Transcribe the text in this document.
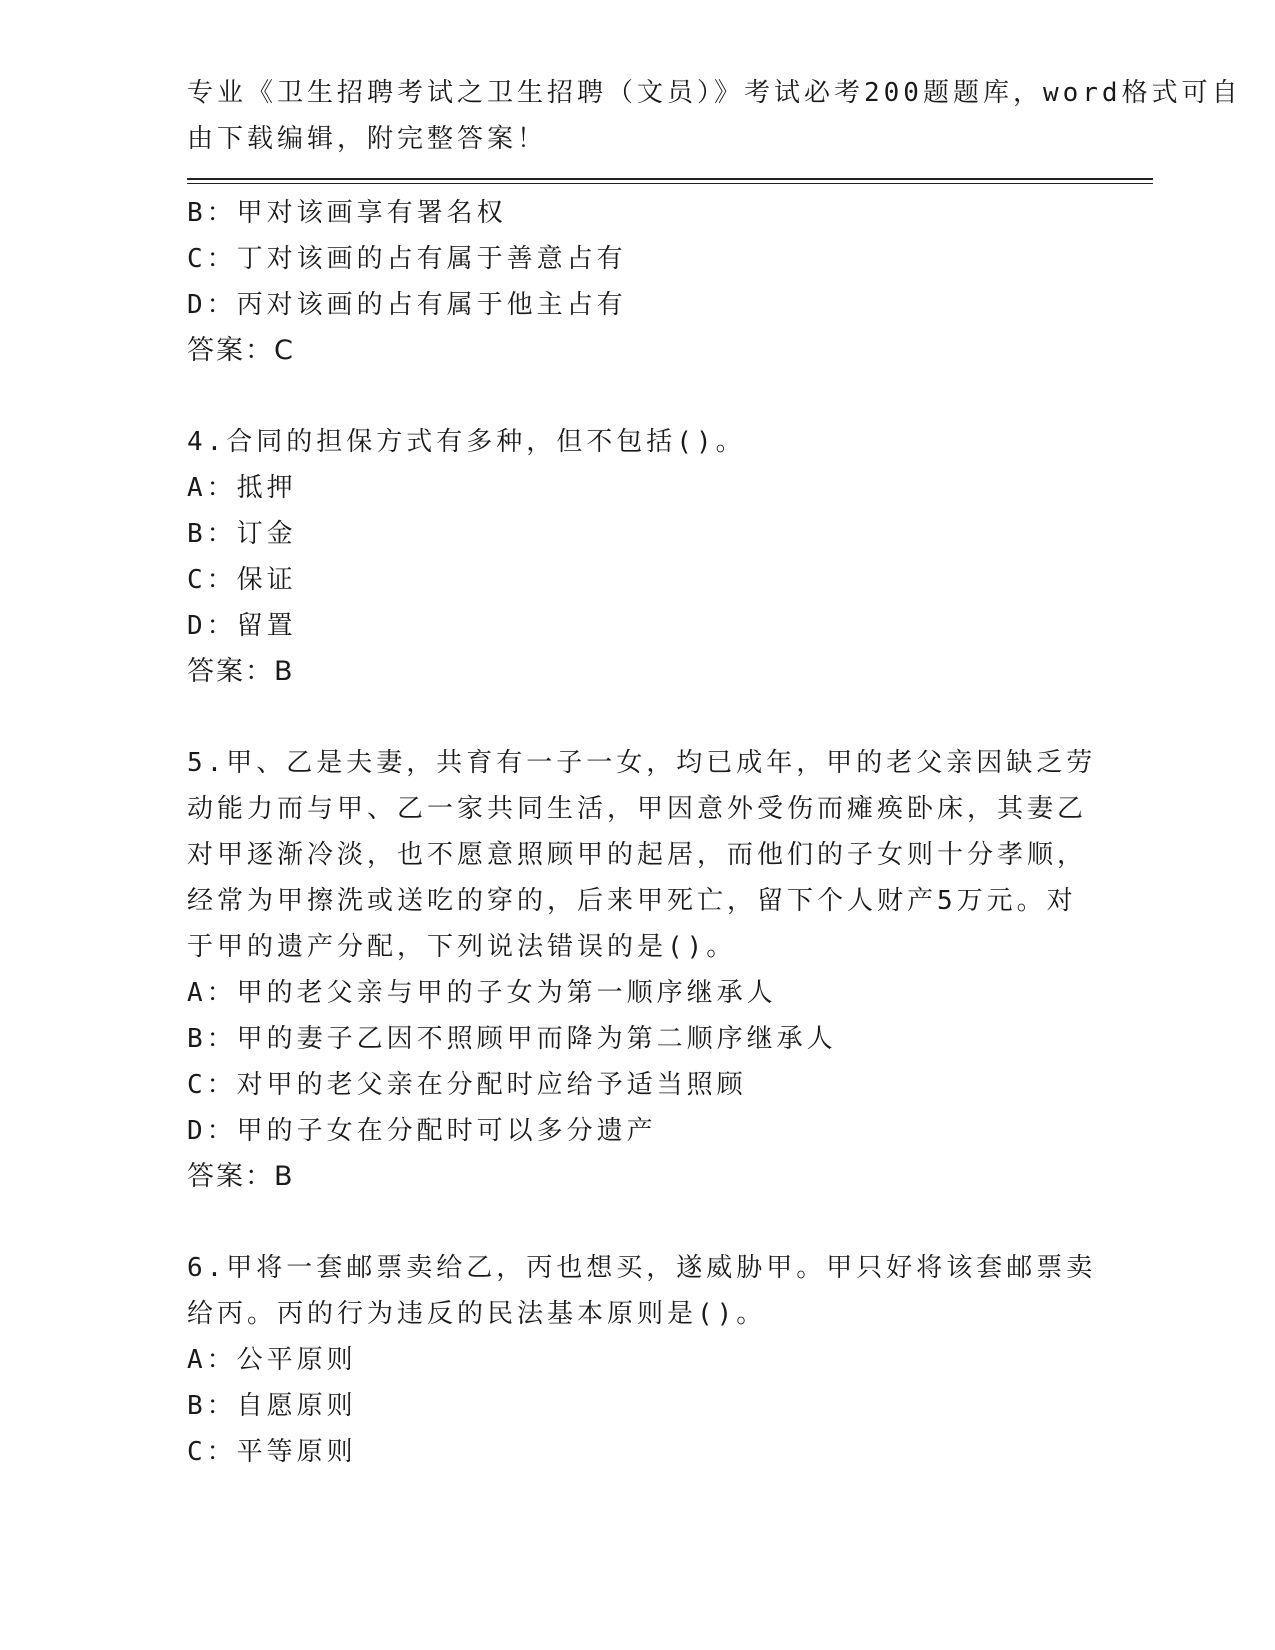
专业《卫生招聘考试之卫生招聘（文员）》考试必考200题题库，word格式可自
由下载编辑，附完整答案！
B：甲对该画享有署名权
C：丁对该画的占有属于善意占有
D：丙对该画的占有属于他主占有
答案：C
4.合同的担保方式有多种，但不包括()。
A：抵押
B：订金
C：保证
D：留置
答案：B
5.甲、乙是夫妻，共育有一子一女，均已成年，甲的老父亲因缺乏劳
动能力而与甲、乙一家共同生活，甲因意外受伤而瘫痪卧床，其妻乙
对甲逐渐冷淡，也不愿意照顾甲的起居，而他们的子女则十分孝顺，
经常为甲擦洗或送吃的穿的，后来甲死亡，留下个人财产5万元。对
于甲的遗产分配，下列说法错误的是()。
A：甲的老父亲与甲的子女为第一顺序继承人
B：甲的妻子乙因不照顾甲而降为第二顺序继承人
C：对甲的老父亲在分配时应给予适当照顾
D：甲的子女在分配时可以多分遗产
答案：B
6.甲将一套邮票卖给乙，丙也想买，遂威胁甲。甲只好将该套邮票卖
给丙。丙的行为违反的民法基本原则是()。
A：公平原则
B：自愿原则
C：平等原则
